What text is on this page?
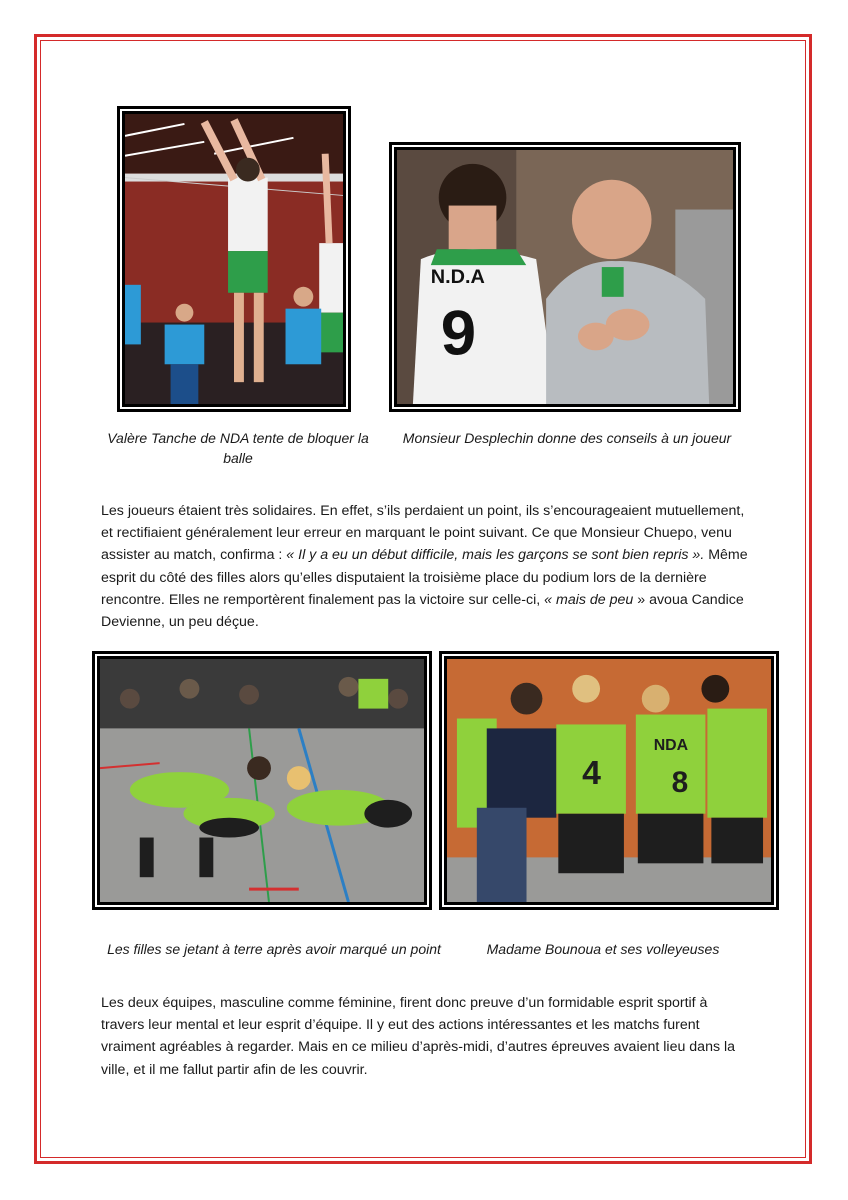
N.D.A
9
Valère Tanche de NDA tente de bloquer la balle
Monsieur Desplechin donne des conseils à un joueur

Les joueurs étaient très solidaires. En effet, s’ils perdaient un point, ils s’encourageaient mutuellement, et rectifiaient généralement leur erreur en marquant le point suivant. Ce que Monsieur Chuepo, venu assister au match, confirma : « Il y a eu un début difficile, mais les garçons se sont bien repris ». Même esprit du côté des filles alors qu’elles disputaient la troisième place du podium lors de la dernière rencontre. Elles ne remportèrent finalement pas la victoire sur celle-ci, « mais de peu » avoua Candice Devienne, un peu déçue.

4
NDA
8
Les filles se jetant à terre après avoir marqué un point	Madame Bounoua et ses volleyeuses

Les deux équipes, masculine comme féminine, firent donc preuve d’un formidable esprit sportif à travers leur mental et leur esprit d’équipe. Il y eut des actions intéressantes et les matchs furent vraiment agréables à regarder. Mais en ce milieu d’après-midi, d’autres épreuves avaient lieu dans la ville, et il me fallut partir afin de les couvrir.
